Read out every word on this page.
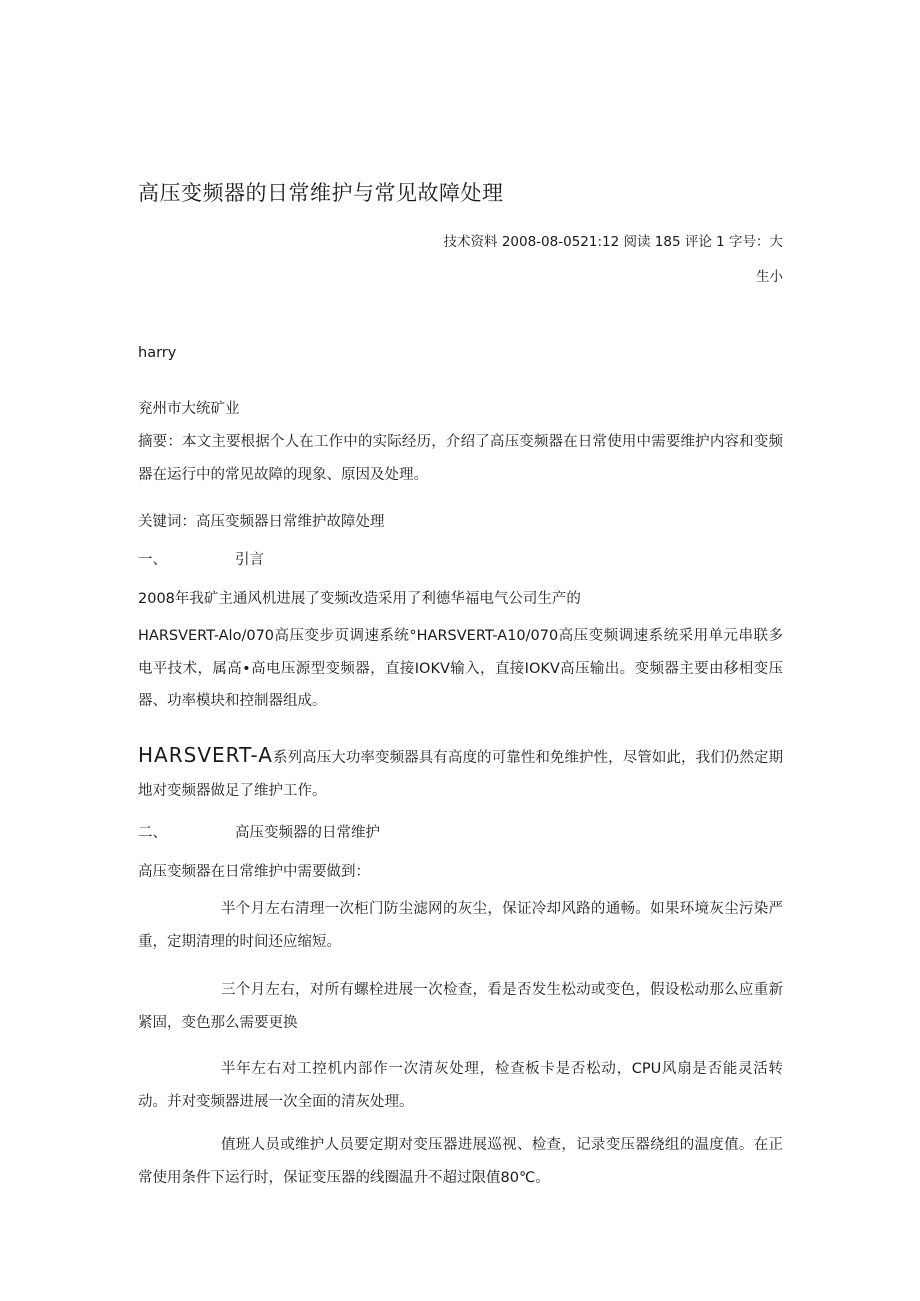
高压变频器的日常维护与常见故障处理
技术资料 2008-08-0521:12 阅读 185 评论 1 字号：大
生小
harry
兖州市大统矿业
摘要：本文主要根据个人在工作中的实际经历，介绍了高压变频器在日常使用中需要维护内容和变频器在运行中的常见故障的现象、原因及处理。
关键词：高压变频器日常维护故障处理
一、	引言
2008年我矿主通风机进展了变频改造采用了利德华福电气公司生产的
HARSVERT-Alo/070高压变步页调速系统°HARSVERT-A10/070高压变频调速系统采用单元串联多电平技术，属高•高电压源型变频器，直接IOKV输入，直接IOKV高压输出。变频器主要由移相变压器、功率模块和控制器组成。
HARSVERT-A系列高压大功率变频器具有高度的可靠性和免维护性，尽管如此，我们仍然定期地对变频器做足了维护工作。
二、	高压变频器的日常维护
高压变频器在日常维护中需要做到：
半个月左右清理一次柜门防尘滤网的灰尘，保证冷却风路的通畅。如果环境灰尘污染严重，定期清理的时间还应缩短。
三个月左右，对所有螺栓进展一次检查，看是否发生松动或变色，假设松动那么应重新紧固，变色那么需要更换
半年左右对工控机内部作一次清灰处理，检查板卡是否松动，CPU风扇是否能灵活转动。并对变频器进展一次全面的清灰处理。
值班人员或维护人员要定期对变压器进展巡视、检查，记录变压器绕组的温度值。在正常使用条件下运行时，保证变压器的线圈温升不超过限值80℃。
